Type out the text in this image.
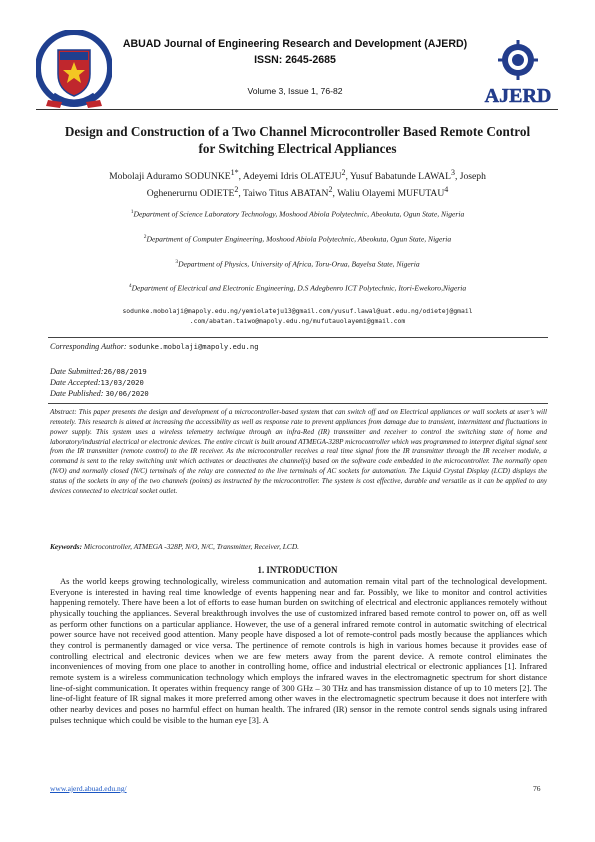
AFE BABALOLA UNIVERSITY
ABUAD Journal of Engineering Research and Development (AJERD)
ISSN: 2645-2685
Volume 3, Issue 1, 76-82	AJERD
Design and Construction of a Two Channel Microcontroller Based Remote Control for Switching Electrical Appliances
Mobolaji Aduramo $SODUNKE^{1*}$, Adeyemi Idris OLATEJU$^2$, Yusuf Babatunde LAWAL$^3$, Joseph
Oghenerurnu ODIETE$^2$, Taiwo Titus ABATAN$^2$, Waliu Olayemi MUFUTAU$^4$
$^1$Department of Science Laboratory Technology, Moshood Abiola Polytechnic, Abeokuta, Ogun State, Nigeria
$^2$Department of Computer Engineering, Moshood Abiola Polytechnic, Abeokuta, Ogun State, Nigeria
$^3$Department of Physics, University of Africa, Toru-Orua, Bayelsa State, Nigeria
$^4$Department of Electrical and Electronic Engineering, D.S Adegbenro ICT Polytechnic, Itori-Ewekoro,Nigeria
sodunke.mobolaji@mapoly.edu.ng/yemiolateju13@gmail.com/yusuf.lawal@uat.edu.ng/odietej@gmail
.com/abatan.taiwo@mapoly.edu.ng/mufutauolayemi@gmail.com
Corresponding Author: sodunke.mobolaji@mapoly.edu.ng
Date Submitted:26/08/2019
Date Accepted:13/03/2020
Date Published: 30/06/2020
Abstract: This paper presents the design and development of a microcontroller-based system that can switch off and on Electrical appliances or wall sockets at user’s will remotely. This research is aimed at increasing the accessibility as well as response rate to prevent appliances from damage due to transient, intermittent and fluctuations in power supply. This system uses a wireless telemetry technique through an infra-Red (IR) transmitter and receiver to control the switching state of home and laboratory/industrial electrical or electronic devices. The entire circuit is built around ATMEGA-328P microcontroller which was programmed to interpret digital signal sent from the IR transmitter (remote control) to the IR receiver. As the microcontroller receives a real time signal from the IR transmitter through the IR receiver module, a command is sent to the relay switching unit which activates or deactivates the channel(s) based on the software code embedded in the microcontroller. The normally open (N/O) and normally closed (N/C) terminals of the relay are connected to the live terminals of AC sockets for automation. The Liquid Crystal Display (LCD) displays the status of the sockets in any of the two channels (points) as instructed by the microcontroller. The system is cost effective, durable and versatile as it can be applied to any devices connected to electrical socket outlet.
Keywords: Microcontroller, ATMEGA -328P, N/O, N/C, Transmitter, Receiver, LCD.
1. INTRODUCTION
As the world keeps growing technologically, wireless communication and automation remain vital part of the technological development. Everyone is interested in having real time knowledge of events happening near and far. Possibly, we like to monitor and control activities happening remotely. There have been a lot of efforts to ease human burden on switching of electrical and electronic appliances remotely without physically touching the appliances. Several breakthrough involves the use of customized infrared based remote control to power on, off as well as perform other functions on a particular appliance. However, the use of a general infrared remote control in automatic switching of electrical power source have not received good attention. Many people have disposed a lot of remote-control pads mostly because the appliances which they control is permanently damaged or vice versa. The pertinence of remote controls is high in various homes because it provides ease of controlling electrical and electronic devices when we are few meters away from the parent device. A remote control eliminates the inconveniences of moving from one place to another in controlling home, office and industrial electrical or electronic appliances [1]. Infrared remote system is a wireless communication technology which employs the infrared waves in the electromagnetic spectrum for short distance line-of-sight communication. It operates within frequency range of 300 GHz – 30 THz and has transmission distance of up to 10 meters [2]. The line-of-light feature of IR signal makes it more preferred among other waves in the electromagnetic spectrum because it does not interfere with other nearby devices and poses no harmful effect on human health. The infrared (IR) sensor in the remote control sends signals using infrared pulses technique which could be visible to the human eye [3]. A
www.ajerd.abuad.edu.ng/	76
